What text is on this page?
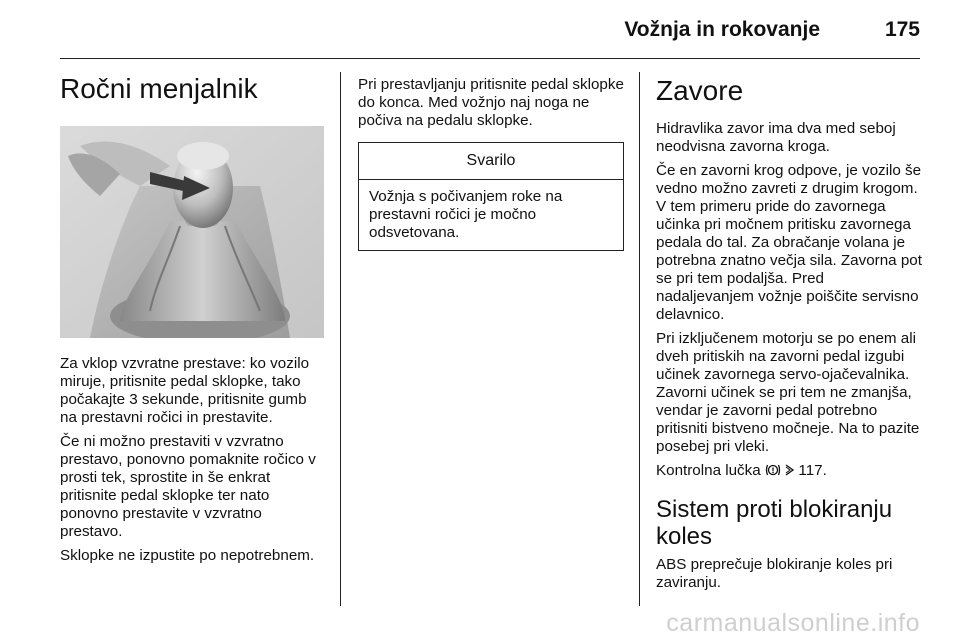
Vožnja in rokovanje	175
Ročni menjalnik

Za vklop vzvratne prestave: ko vozilo miruje, pritisnite pedal sklopke, tako počakajte 3 sekunde, pritisnite gumb na prestavni ročici in prestavite.

Če ni možno prestaviti v vzvratno prestavo, ponovno pomaknite ročico v prosti tek, sprostite in še enkrat pritisnite pedal sklopke ter nato ponovno prestavite v vzvratno prestavo.

Sklopke ne izpustite po nepotrebnem.

Pri prestavljanju pritisnite pedal sklopke do konca. Med vožnjo naj noga ne počiva na pedalu sklopke.

Svarilo
Vožnja s počivanjem roke na prestavni ročici je močno odsvetovana.
Zavore

Hidravlika zavor ima dva med seboj neodvisna zavorna kroga.

Če en zavorni krog odpove, je vozilo še vedno možno zavreti z drugim krogom. V tem primeru pride do zavornega učinka pri močnem pritisku zavornega pedala do tal. Za obračanje volana je potrebna znatno večja sila. Zavorna pot se pri tem podaljša. Pred nadaljevanjem vožnje poiščite servisno delavnico.

Pri izključenem motorju se po enem ali dveh pritiskih na zavorni pedal izgubi učinek zavornega servo-ojačevalnika. Zavorni učinek se pri tem ne zmanjša, vendar je zavorni pedal potrebno pritisniti bistveno močneje. Na to pazite posebej pri vleki.

Kontrolna lučka 117.

Sistem proti blokiranju koles

ABS preprečuje blokiranje koles pri zaviranju.

carmanualsonline.info
